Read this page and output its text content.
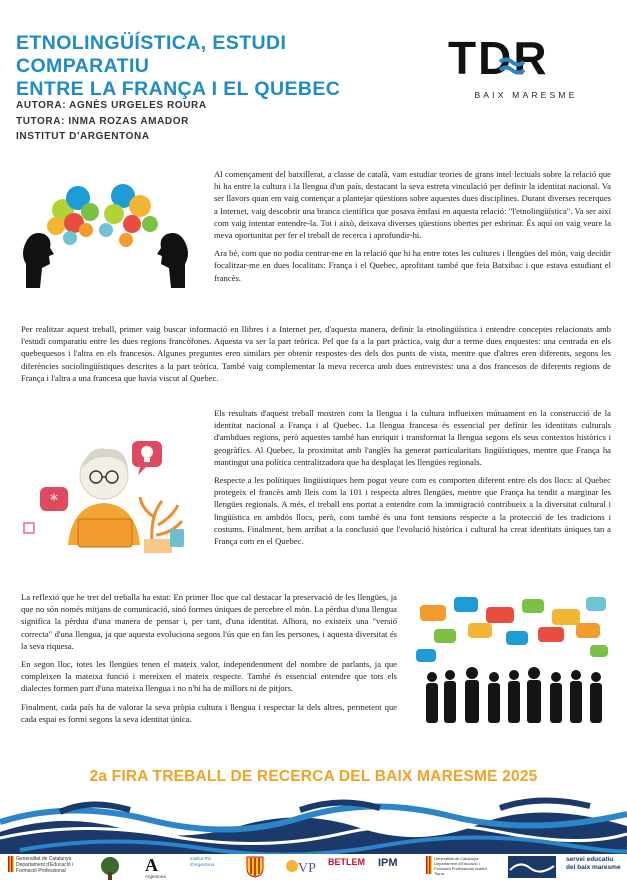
ETNOLINGÜÍSTICA, ESTUDI COMPARATIU
ENTRE LA FRANÇA I EL QUEBEC
AUTORA: AGNÈS URGELES ROURA
TUTORA: INMA ROZAS AMADOR
INSTITUT D'ARGENTONA
TDR
BAIX MARESME

Al començament del batxillerat, a classe de català, vam estudiar teories de grans intel·lectuals sobre la relació que hi ha entre la cultura i la llengua d'un país, destacant la seva estreta vinculació per definir la identitat nacional. Va ser llavors quan em vaig començar a plantejar qüestions sobre aquestes dues disciplines. Durant diverses recerques a Internet, vaig descobrir una branca científica que posava èmfasi en aquesta relació: "l'etnolingüística". Va ser així com vaig intentar entendre-la. Tot i això, deixava diverses qüestions obertes per esbrinar. És aquí on vaig veure la meva oportunitat per fer el treball de recerca i aprofundir-hi.

Ara bé, com que no podia centrar-me en la relació que hi ha entre totes les cultures i llengües del món, vaig decidir focalitzar-me en dues localitats: França i el Quebec, aprofitant també que feia Batxibac i que estava estudiant el francès.

Per realitzar aquest treball, primer vaig buscar informació en llibres i a Internet per, d'aquesta manera, definir la etnolingüística i entendre conceptes relacionats amb l'estudi comparatiu entre les dues regions francòfones. Aquesta va ser la part teòrica. Pel que fa a la part pràctica, vaig dur a terme dues enquestes: una centrada en els quebequesos i l'altra en els francesos. Algunes preguntes eren similars per obtenir respostes des dels dos punts de vista, mentre que d'altres eren diferents, segons les diferències sociolingüístiques descrites a la part teòrica. També vaig complementar la meva recerca amb dues entrevistes: una a dos francesos de diferents regions de França i l'altra a una francesa que havia viscut al Quebec.

*

Els resultats d'aquest treball mostren com la llengua i la cultura influeixen mútuament en la construcció de la identitat nacional a França i al Quebec. La llengua francesa és essencial per definir les identitats culturals d'ambdues regions, però aquestes també han enriquit i transformat la llengua segons els seus contextos històrics i geogràfics. Al Quebec, la proximitat amb l'anglès ha generat particularitats lingüístiques, mentre que França ha mantingut una política centralitzadora que ha desplaçat les llengües regionals.

Respecte a les polítiques lingüístiques hem pogut veure com es comporten diferent entre els dos llocs: al Quebec protegeix el francès amb lleis com la 101 i respecta altres llengües, mentre que França ha tendit a marginar les llengües regionals. A més, el treball ens portat a entendre com la immigració contribueix a la diversitat cultural i lingüística en ambdós llocs, però, com també és una font tensions respecte a la protecció de les tradicions i costums. Finalment, hem arribat a la conclusió que l'evolució històrica i cultural ha creat identitats úniques tan a França com en el Quebec.

La reflexió que he tret del treballa ha estat: En primer lloc que cal destacar la preservació de les llengües, ja que no són només mitjans de comunicació, sinó formes úniques de percebre el món. La pèrdua d'una llengua significa la pèrdua d'una manera de pensar i, per tant, d'una identitat. Alhora, no existeix una "versió correcta" d'una llengua, ja que aquesta evoluciona segons l'ús que en fan les persones, i aquesta diversitat és la seva riquesa.

En segon lloc, totes les llengües tenen el mateix valor, independentment del nombre de parlants, ja que compleixen la mateixa funció i mereixen el mateix respecte. També és essencial entendre que tots els dialectes formen part d'una mateixa llengua i no n'hi ha de millors ni de pitjors.

Finalment, cada país ha de valorar la seva pròpia cultura i llengua i respectar la dels altres, permetent que cada espai es formi segons la seva identitat única.

2a FIRA TREBALL DE RECERCA DEL BAIX MARESME 2025
Generalitat de Catalunya Departament d'Educació i Formació Professional	A
Argentona
Institut Pla d'Argentona	VP BETLEM IPM	Generalitat de Catalunya Departament d'Educació i Formació Professional Institut Tiana
servei educatiu del baix maresme
